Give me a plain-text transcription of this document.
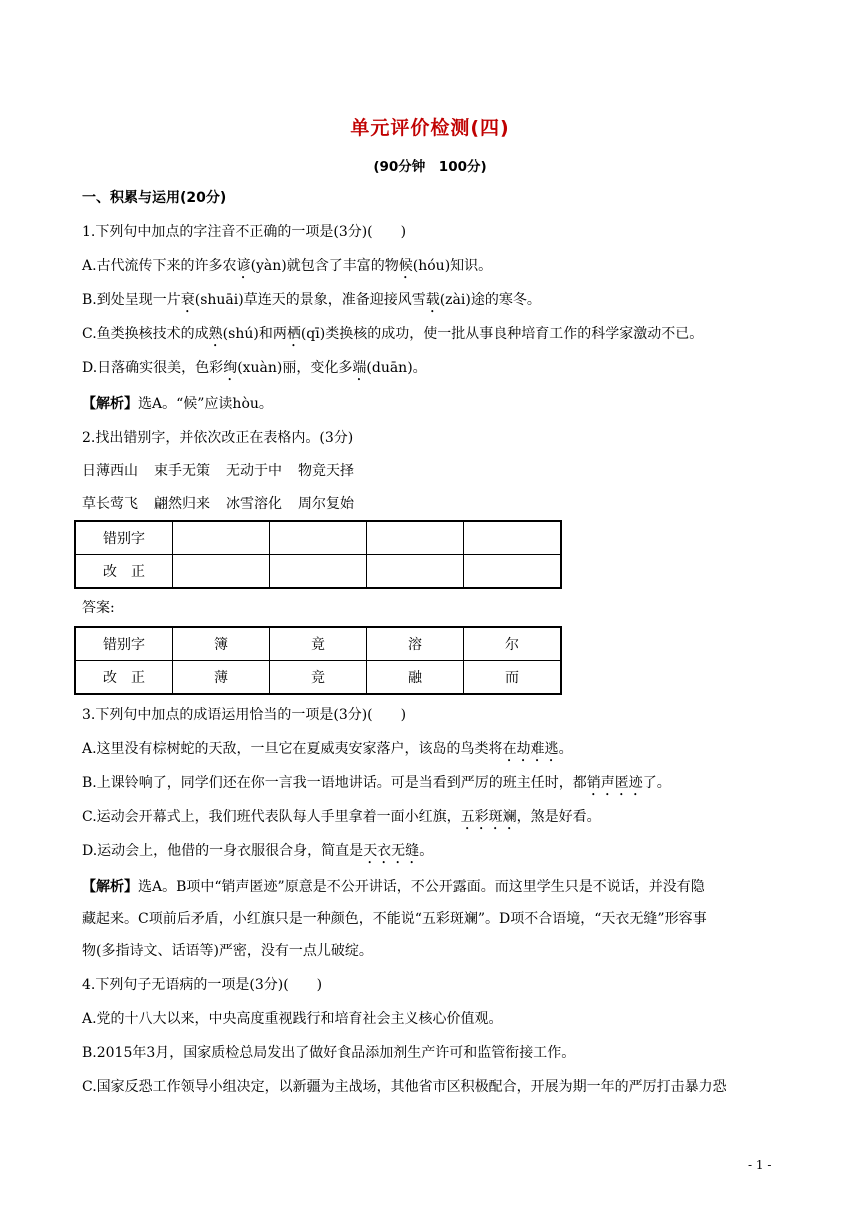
单元评价检测(四)
(90分钟　100分)
一、积累与运用(20分)
1.下列句中加点的字注音不正确的一项是(3分)(　　)
A.古代流传下来的许多农谚(yàn)就包含了丰富的物候(hóu)知识。
B.到处呈现一片衰(shuāi)草连天的景象，准备迎接风雪载(zài)途的寒冬。
C.鱼类换核技术的成熟(shú)和两栖(qī)类换核的成功，使一批从事良种培育工作的科学家激动不已。
D.日落确实很美，色彩绚(xuàn)丽，变化多端(duān)。
【解析】选A。“候”应读hòu。
2.找出错别字，并依次改正在表格内。(3分)
日薄西山 束手无策 无动于中 物竞天择
草长莺飞 翩然归来 冰雪溶化 周尔复始
错别字				
改　正				
答案:
错别字	簿	竟	溶	尔
改　正	薄	竞	融	而
3.下列句中加点的成语运用恰当的一项是(3分)(　　)
A.这里没有棕树蛇的天敌，一旦它在夏威夷安家落户，该岛的鸟类将在劫难逃。
B.上课铃响了，同学们还在你一言我一语地讲话。可是当看到严厉的班主任时，都销声匿迹了。
C.运动会开幕式上，我们班代表队每人手里拿着一面小红旗，五彩斑斓，煞是好看。
D.运动会上，他借的一身衣服很合身，简直是天衣无缝。
【解析】选A。B项中“销声匿迹”原意是不公开讲话，不公开露面。而这里学生只是不说话，并没有隐
藏起来。C项前后矛盾，小红旗只是一种颜色，不能说“五彩斑斓”。D项不合语境，“天衣无缝”形容事
物(多指诗文、话语等)严密，没有一点儿破绽。
4.下列句子无语病的一项是(3分)(　　)
A.党的十八大以来，中央高度重视践行和培育社会主义核心价值观。
B.2015年3月，国家质检总局发出了做好食品添加剂生产许可和监管衔接工作。
C.国家反恐工作领导小组决定，以新疆为主战场，其他省市区积极配合，开展为期一年的严厉打击暴力恐
- 1 -
